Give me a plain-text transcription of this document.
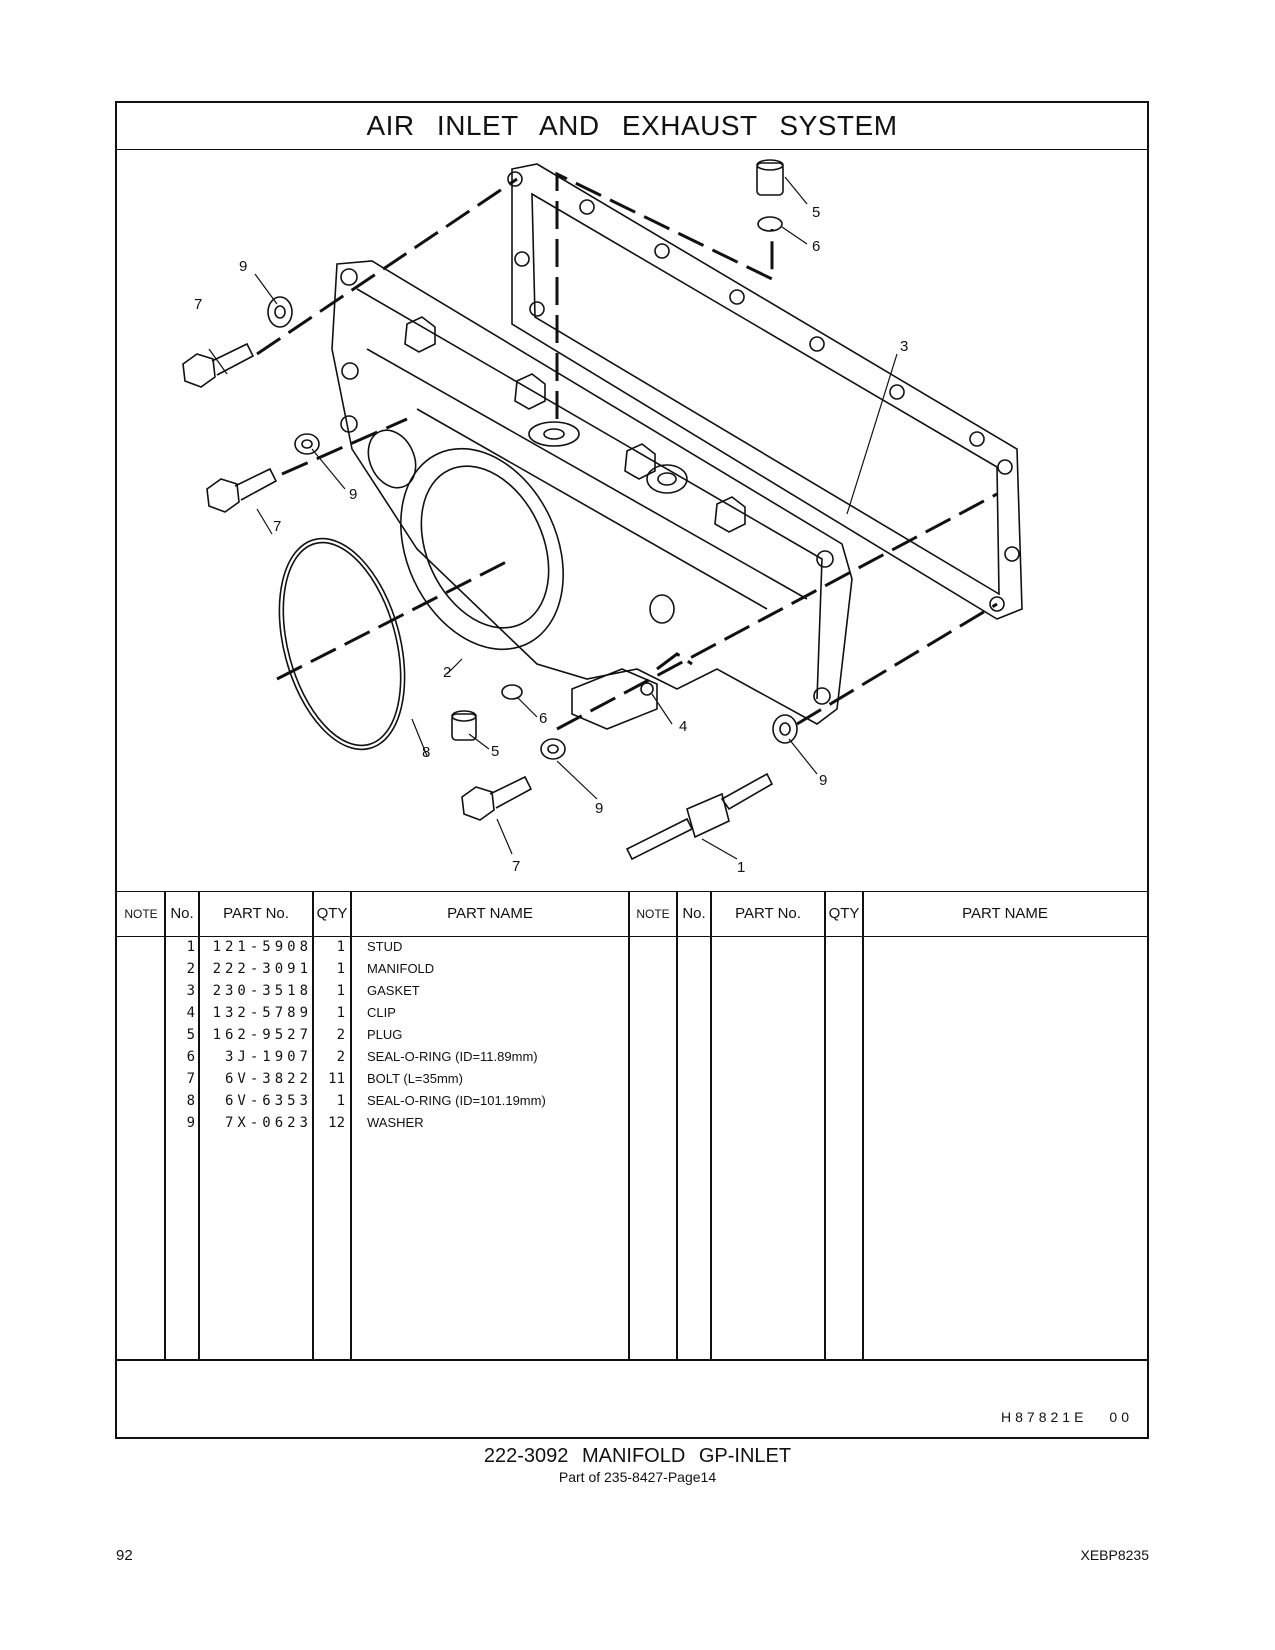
AIR INLET AND EXHAUST SYSTEM
5
6
3
9
7
9
7
2
6	4
5
8
9
9
7	1
NOTE No.	PART No.	QTY	PART NAME	NOTE No.	PART No.	QTY	PART NAME
1 121-5908	1 STUD
2 222-3091	1 MANIFOLD
3 230-3518	1 GASKET
4 132-5789	1 CLIP
5 162-9527	2 PLUG
6	3J-1907	2 SEAL-O-RING (ID=11.89mm)
7	6V-3822	11 BOLT (L=35mm)
8	6V-6353	1 SEAL-O-RING (ID=101.19mm)
9	7X-0623	12 WASHER
H87821E 00
222-3092 MANIFOLD GP-INLET
Part of 235-8427-Page14
92	XEBP8235
